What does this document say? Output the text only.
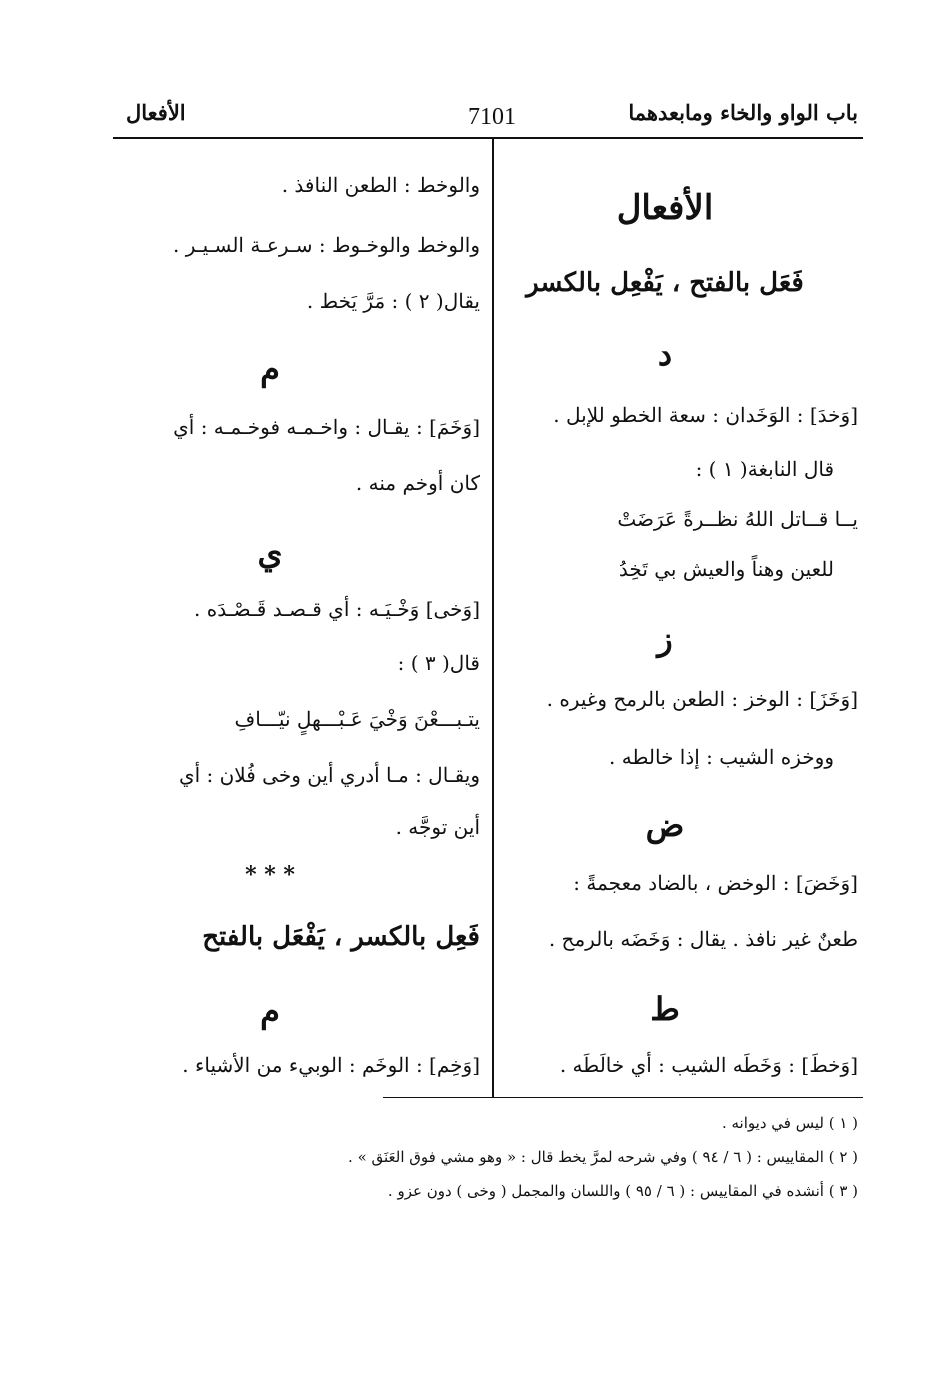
باب الواو والخاء ومابعدهما
7101
الأفعال
الأفعال
فَعَل بالفتح ، يَفْعِل بالكسر
د
[وَخدَ] : الوَخَدان : سعة الخطو للإبل .
قال النابغة( ١ ) :
يــا قــاتل اللهُ نظــرةً عَرَضَتْ
للعين وهناً والعيش بي تَخِدُ
ز
[وَخَزَ] : الوخز : الطعن بالرمح وغيره .
ووخزه الشيب : إذا خالطه .
ض
[وَخَضَ] : الوخض ، بالضاد معجمةً :
طعنٌ غير نافذ . يقال : وَخَضَه بالرمح .
ط
[وَخطَ] : وَخَطَه الشيب : أي خالَطَه .
والوخط : الطعن النافذ .
والوخط والوخـوط : سـرعـة السـيـر .
يقال( ٢ ) : مَرَّ يَخط .
م
[وَخَمَ] : يقـال : واخـمـه فوخـمـه : أي
كان أوخم منه .
ي
[وَخى] وَخْـيَـه : أي قـصـد قَـصْـدَه .
قال( ٣ ) :
يتـبـــعْنَ وَخْيَ عَـبْـــهلٍ نيّـــافِ
ويقـال : مـا أدري أين وخى فُلان : أي
أين توجَّه .
* * *
فَعِل بالكسر ، يَفْعَل بالفتح
م
[وَخِم] : الوخَم : الوبيء من الأشياء .
( ١ ) ليس في ديوانه .
( ٢ ) المقاييس : ( ٦ / ٩٤ ) وفي شرحه لمرَّ يخط قال : « وهو مشي فوق العَنَق » .
( ٣ ) أنشده في المقاييس : ( ٦ / ٩٥ ) واللسان والمجمل ( وخى ) دون عزو .
